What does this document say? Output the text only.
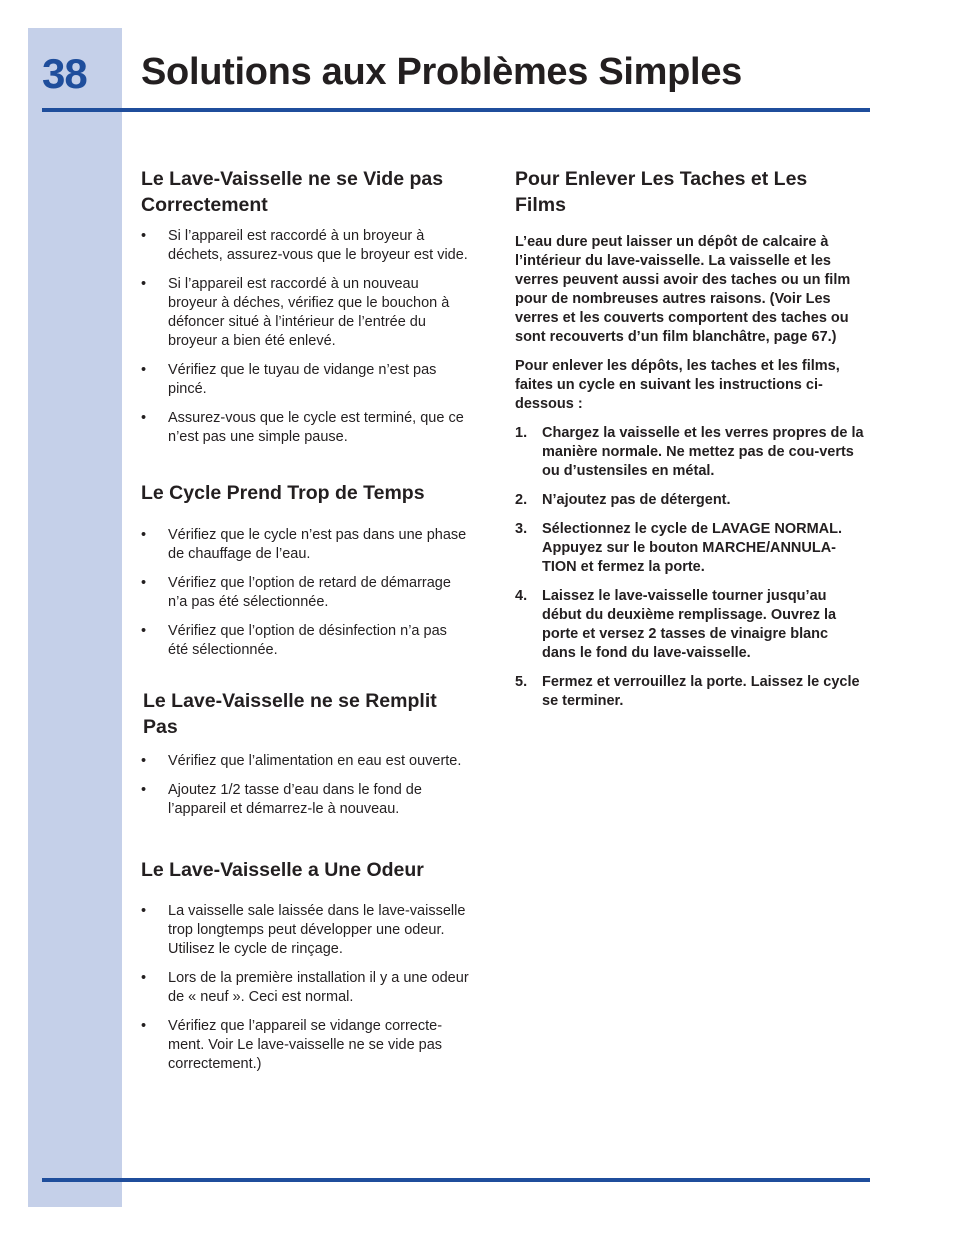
38	Solutions aux Problèmes Simples
Le Lave-Vaisselle ne se Vide pas
Correctement
•	Si l’appareil est raccordé à un broyeur à déchets, assurez-vous que le broyeur est vide.
•	Si l’appareil est raccordé à un nouveau broyeur à déches, vérifiez que le bouchon à défoncer situé à l’intérieur de l’entrée du broyeur a bien été enlevé.
•	Vérifiez que le tuyau de vidange n’est pas pincé.
•	Assurez-vous que le cycle est terminé, que ce n’est pas une simple pause.
Le Cycle Prend Trop de Temps
•	Vérifiez que le cycle n’est pas dans une phase de chauffage de l’eau.
•	Vérifiez que l’option de retard de démarrage n’a pas été sélectionnée.
•	Vérifiez que l’option de désinfection n’a pas été sélectionnée.
Le Lave-Vaisselle ne se Remplit
Pas
•	Vérifiez que l’alimentation en eau est ouverte.
•	Ajoutez 1/2 tasse d’eau dans le fond de l’appareil et démarrez-le à nouveau.
Le Lave-Vaisselle a Une Odeur
•	La vaisselle sale laissée dans le lave-vaisselle trop longtemps peut développer une odeur. Utilisez le cycle de rinçage.
•	Lors de la première installation il y a une odeur de « neuf ». Ceci est normal.
•	Vérifiez que l’appareil se vidange correcte-ment. Voir Le lave-vaisselle ne se vide pas correctement.)
Pour Enlever Les Taches et Les
Films

L’eau dure peut laisser un dépôt de calcaire à l’intérieur du lave-vaisselle. La vaisselle et les verres peuvent aussi avoir des taches ou un film pour de nombreuses autres raisons. (Voir Les verres et les couverts comportent des taches ou sont recouverts d’un film blanchâtre, page 67.)

Pour enlever les dépôts, les taches et les films, faites un cycle en suivant les instructions ci-dessous :

1. Chargez la vaisselle et les verres propres de la manière normale. Ne mettez pas de cou-verts ou d’ustensiles en métal.
2. N’ajoutez pas de détergent.
3. Sélectionnez le cycle de LAVAGE NORMAL. Appuyez sur le bouton MARCHE/ANNULA-TION et fermez la porte.
4. Laissez le lave-vaisselle tourner jusqu’au début du deuxième remplissage. Ouvrez la porte et versez 2 tasses de vinaigre blanc dans le fond du lave-vaisselle.
5. Fermez et verrouillez la porte. Laissez le cycle se terminer.
